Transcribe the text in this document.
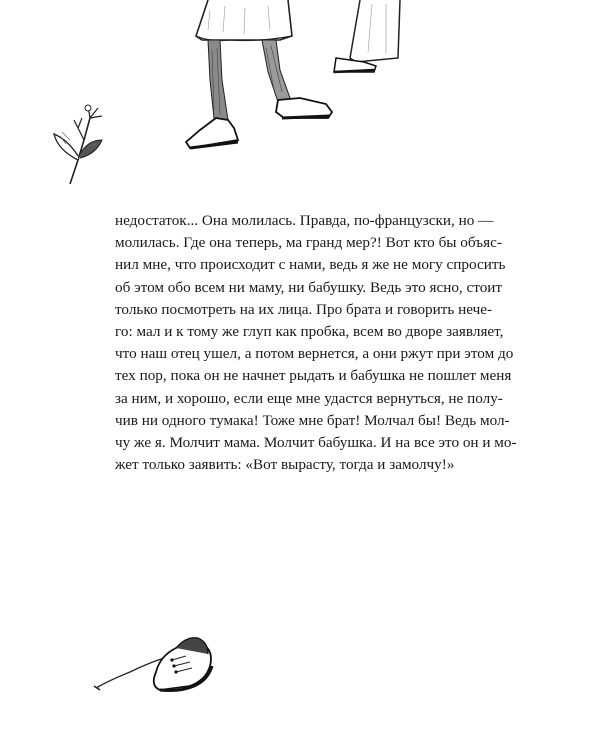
недостаток... Она молилась. Правда, по-французски, но —
молилась. Где она теперь, ма гранд мер?! Вот кто бы объяс-
нил мне, что происходит с нами, ведь я же не могу спросить
об этом обо всем ни маму, ни бабушку. Ведь это ясно, стоит
только посмотреть на их лица. Про брата и говорить нече-
го: мал и к тому же глуп как пробка, всем во дворе заявляет,
что наш отец ушел, а потом вернется, а они ржут при этом до
тех пор, пока он не начнет рыдать и бабушка не пошлет меня
за ним, и хорошо, если еще мне удастся вернуться, не полу-
чив ни одного тумака! Тоже мне брат! Молчал бы! Ведь мол-
чу же я. Молчит мама. Молчит бабушка. И на все это он и мо-
жет только заявить: «Вот вырасту, тогда и замолчу!»
